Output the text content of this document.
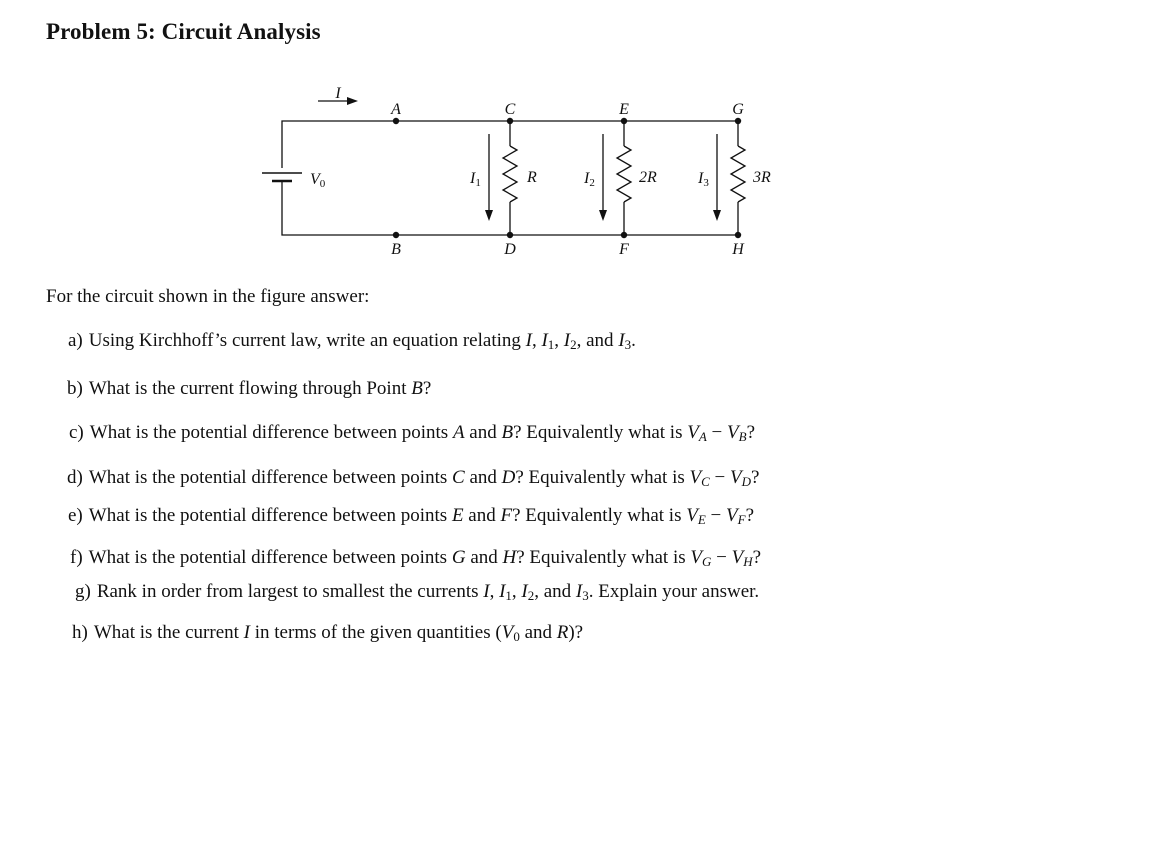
Problem 5: Circuit Analysis
I
V0
A	C	E	G
B	D	F	H
I1	I2	I3
R	2R	3R
For the circuit shown in the figure answer:
a) Using Kirchhoff’s current law, write an equation relating I, $I_1$, $I_2$, and $I_3$.
b) What is the current flowing through Point B?
c) What is the potential difference between points A and B? Equivalently what is $V_A - V_B$?
d) What is the potential difference between points C and D? Equivalently what is $V_C - V_D$?
e) What is the potential difference between points E and F? Equivalently what is $V_E - V_F$?
f) What is the potential difference between points G and H? Equivalently what is $V_G - V_H$?
g) Rank in order from largest to smallest the currents I, $I_1$, $I_2$, and $I_3$. Explain your answer.
h) What is the current I in terms of the given quantities ($V_0$ and R)?
